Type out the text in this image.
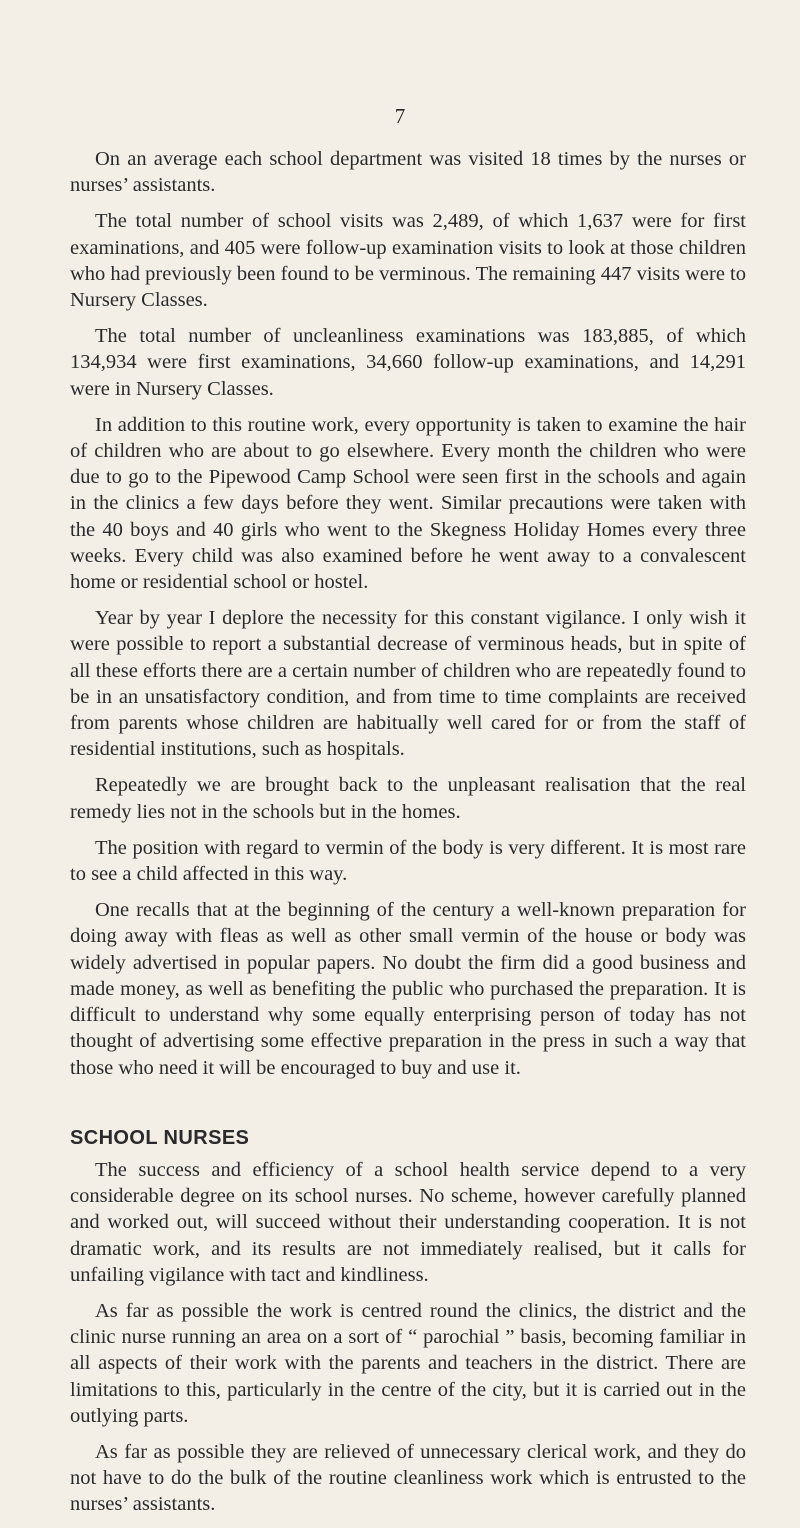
7

On an average each school department was visited 18 times by the nurses or nurses’ assistants.

The total number of school visits was 2,489, of which 1,637 were for first examinations, and 405 were follow-up examination visits to look at those children who had previously been found to be verminous. The remaining 447 visits were to Nursery Classes.

The total number of uncleanliness examinations was 183,885, of which 134,934 were first examinations, 34,660 follow-up examinations, and 14,291 were in Nursery Classes.

In addition to this routine work, every opportunity is taken to examine the hair of children who are about to go elsewhere. Every month the children who were due to go to the Pipewood Camp School were seen first in the schools and again in the clinics a few days before they went. Similar precautions were taken with the 40 boys and 40 girls who went to the Skegness Holiday Homes every three weeks. Every child was also examined before he went away to a convalescent home or residential school or hostel.

Year by year I deplore the necessity for this constant vigilance. I only wish it were possible to report a substantial decrease of verminous heads, but in spite of all these efforts there are a certain number of children who are repeatedly found to be in an unsatisfactory condition, and from time to time complaints are received from parents whose children are habitually well cared for or from the staff of residential institutions, such as hospitals.

Repeatedly we are brought back to the unpleasant realisation that the real remedy lies not in the schools but in the homes.

The position with regard to vermin of the body is very different. It is most rare to see a child affected in this way.

One recalls that at the beginning of the century a well-known preparation for doing away with fleas as well as other small vermin of the house or body was widely advertised in popular papers. No doubt the firm did a good business and made money, as well as benefiting the public who purchased the preparation. It is difficult to understand why some equally enterprising person of today has not thought of advertising some effective preparation in the press in such a way that those who need it will be encouraged to buy and use it.

SCHOOL NURSES

The success and efficiency of a school health service depend to a very considerable degree on its school nurses. No scheme, however carefully planned and worked out, will succeed without their understanding cooperation. It is not dramatic work, and its results are not immediately realised, but it calls for unfailing vigilance with tact and kindliness.

As far as possible the work is centred round the clinics, the district and the clinic nurse running an area on a sort of “ parochial ” basis, becoming familiar in all aspects of their work with the parents and teachers in the district. There are limitations to this, particularly in the centre of the city, but it is carried out in the outlying parts.

As far as possible they are relieved of unnecessary clerical work, and they do not have to do the bulk of the routine cleanliness work which is entrusted to the nurses’ assistants.
